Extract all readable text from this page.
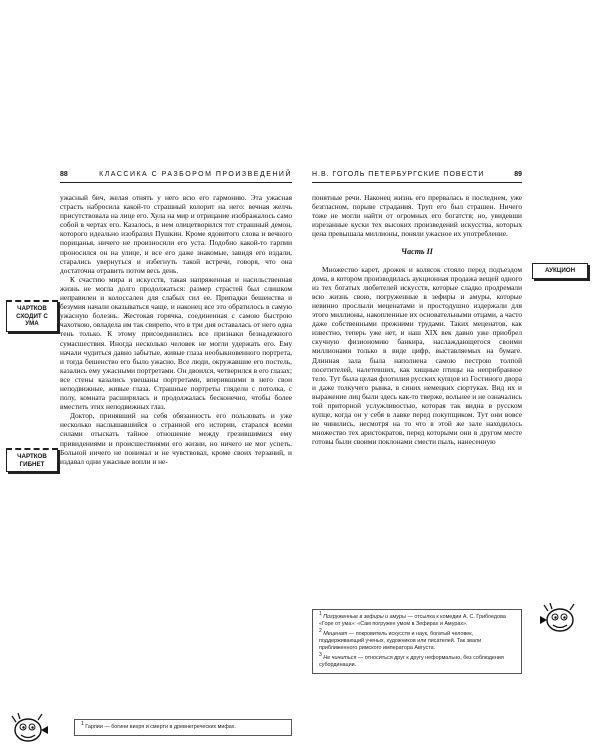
88	КЛАССИКА С РАЗБОРОМ ПРОИЗВЕДЕНИЙ

ужасный бич, желая отнять у него всю его гармонию. Эта ужасная страсть набросила какой-то страшный колорит на него: вечная желчь присутствовала на лице его. Хула на мир и отрицание изображалось само собой в чертах его. Казалось, в нем олицетворился тот страшный демон, которого идеально изобразил Пушкин. Кроме ядовитого слова и вечного порицанья, ничего не произносили его уста. Подобно какой-то гарпии проносился он на улице, и все его даже знакомые, завидя его издали, старались увернуться и избегнуть такой встречи, говоря, что она достаточна отравить потом весь день.

К счастию мира и искусств, такая напряженная и насильственная жизнь не могла долго продолжаться: размер страстей был слишком неправилен и колоссален для слабых сил ее. Припадки бешенства и безумия начали оказываться чаще, и наконец все это обратилось в самую ужасную болезнь. Жестокая горячка, соединенная с самою быстрою чахоткою, овладела им так свирепо, что в три дня оставалась от него одна тень только. К этому присоединились все признаки безнадежного сумасшествия. Иногда несколько человек не могли удержать его. Ему начали чудиться давно забытые, живые глаза необыкновенного портрета, и тогда бешенство его было ужасно. Все люди, окружавшие его постель, казались ему ужасными портретами. Он двоился, четверился в его глазах; все стены казались увешаны портретами, вперившими в него свои неподвижные, живые глаза. Страшные портреты глядели с потолка, с полу, комната расширялась и продолжалась бесконечно, чтобы более вместить этих неподвижных глаз.

Доктор, принявший на себя обязанность его пользовать и уже несколько наслышавшийся о странной его истории, старался всеми силами отыскать тайное отношение между грезившимися ему привидениями и происшествиями его жизни, но ничего не мог успеть. Больной ничего не понимал и не чувствовал, кроме своих терзаний, и издавал одни ужасные вопли и не-

$^1$ Гарпии — богини вихря и смерти в древнегреческих мифах.

ЧАРТКОВ СХОДИТ С УМА
ЧАРТКОВ ГИБНЕТ
Н.В. ГОГОЛЬ ПЕТЕРБУРГСКИЕ ПОВЕСТИ	89

понятные речи. Наконец жизнь его прервалась в последнем, уже безгласном, порыве страдания. Труп его был страшен. Ничего тоже не могли найти от огромных его богатств; но, увидевши изрезанные куски тех высоких произведений искусства, которых цена превышала миллионы, поняли ужасное их употребление.

Часть II

Множество карет, дрожек и колясок стояло перед подъездом дома, в котором производилась аукционная продажа вещей одного из тех богатых любителей искусств, которые сладко продремали всю жизнь свою, погруженные в зефиры и амуры, которые невинно прослыли меценатами и простодушно издержали для этого миллионы, накопленные их основательными отцами, а часто даже собственными прежними трудами. Таких меценатов, как известно, теперь уже нет, и наш XIX век давно уже приобрел скучную физиономию банкира, наслаждающегося своими миллионами только в виде цифр, выставляемых на бумаге. Длинная зала была наполнена самою пестрою толпой посетителей, налетевших, как хищные птицы на неприбранное тело. Тут была целая флотилия русских купцов из Гостиного двора и даже толкучего рынка, в синих немецких сюртуках. Вид их и выражение лиц были здесь как-то тверже, вольнее и не означались той приторной услужливостью, которая так видна в русском купце, когда он у себя в лавке перед покупщиком. Тут они вовсе не чинились, несмотря на то что в этой же зале находилось множество тех аристократов, перед которыми они в другом месте готовы были своими поклонами смести пыль, нанесенную

$^1$ Погруженные в зефиры и амуры — отсылка к комедии А. С. Грибоедова «Горе от ума»: «Сам погружен умом в Зефирах и Амурах».

$^2$ Меценат — покровитель искусств и наук, богатый человек, поддерживающий ученых, художников или писателей. Так звали приближенного римского императора Августа.

$^3$ Не чиниться — относиться друг к другу неформально, без соблюдения субординации.

АУКЦИОН
